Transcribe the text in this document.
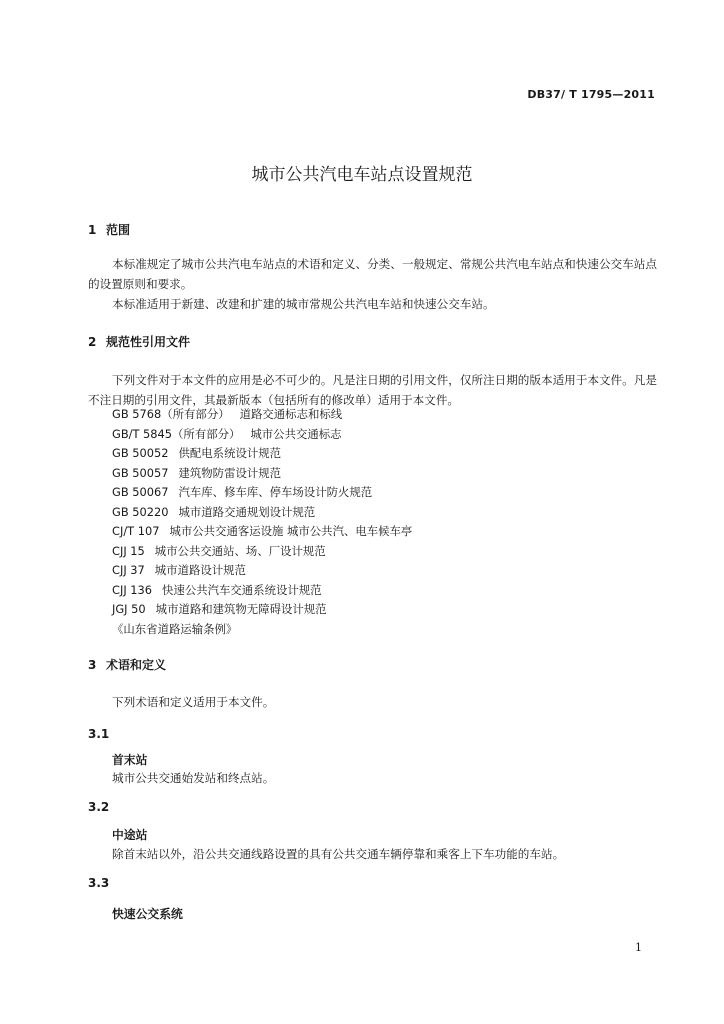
DB37/ T 1795—2011
城市公共汽电车站点设置规范
1 范围
本标准规定了城市公共汽电车站点的术语和定义、分类、一般规定、常规公共汽电车站点和快速公交车站点的设置原则和要求。
本标准适用于新建、改建和扩建的城市常规公共汽电车站和快速公交车站。
2 规范性引用文件
下列文件对于本文件的应用是必不可少的。凡是注日期的引用文件，仅所注日期的版本适用于本文件。凡是不注日期的引用文件，其最新版本（包括所有的修改单）适用于本文件。
GB 5768（所有部分） 道路交通标志和标线
GB/T 5845（所有部分） 城市公共交通标志
GB 50052 供配电系统设计规范
GB 50057 建筑物防雷设计规范
GB 50067 汽车库、修车库、停车场设计防火规范
GB 50220 城市道路交通规划设计规范
CJ/T 107 城市公共交通客运设施 城市公共汽、电车候车亭
CJJ 15 城市公共交通站、场、厂设计规范
CJJ 37 城市道路设计规范
CJJ 136 快速公共汽车交通系统设计规范
JGJ 50 城市道路和建筑物无障碍设计规范
《山东省道路运输条例》
3 术语和定义
下列术语和定义适用于本文件。
3.1
首末站
城市公共交通始发站和终点站。
3.2
中途站
除首末站以外，沿公共交通线路设置的具有公共交通车辆停靠和乘客上下车功能的车站。
3.3
快速公交系统
1
